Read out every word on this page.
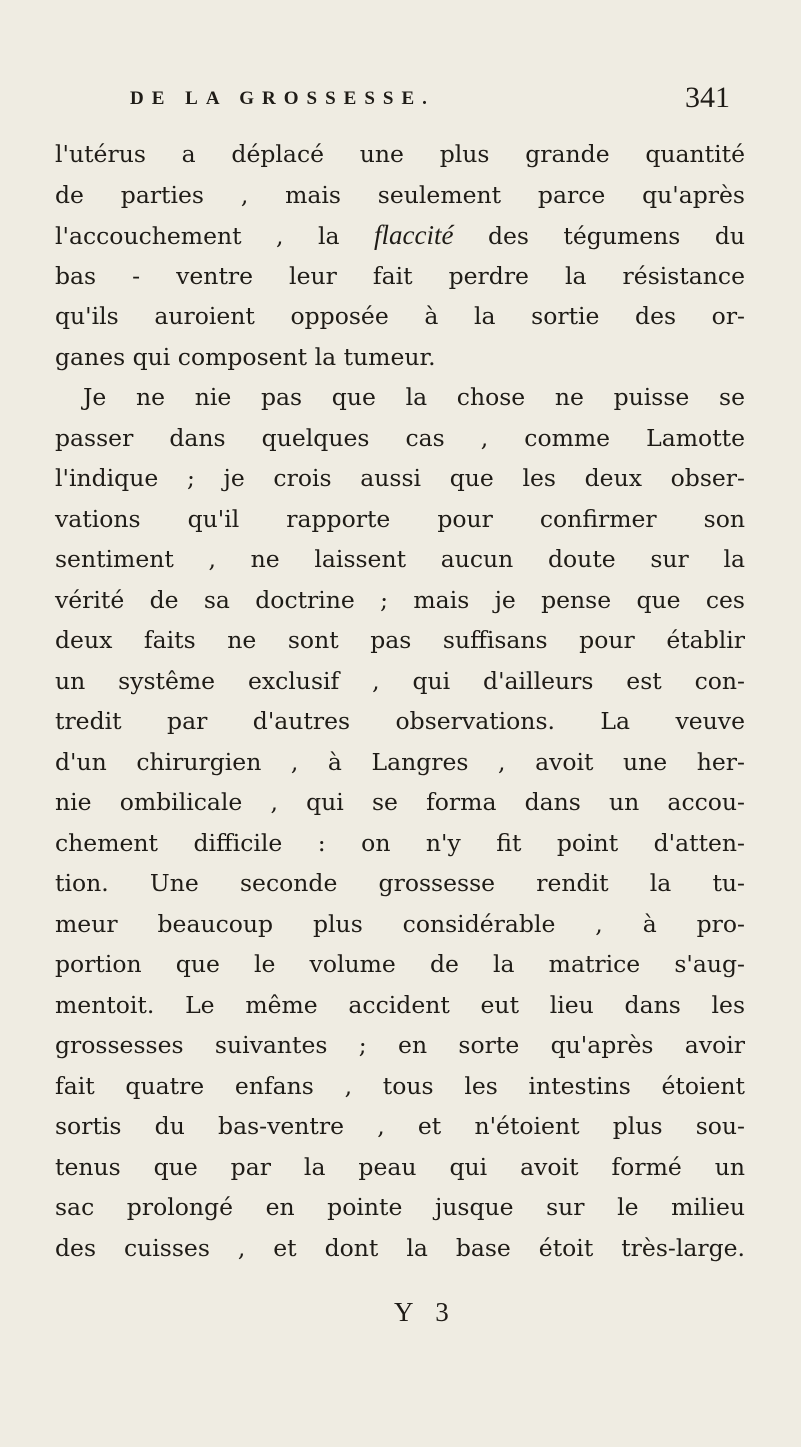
DE LA GROSSESSE.	341
l'utérus a déplacé une plus grande quantité
de parties , mais seulement parce qu'après
l'accouchement , la flaccité des tégumens du
bas - ventre leur fait perdre la résistance
qu'ils auroient opposée à la sortie des or-
ganes qui composent la tumeur.
Je ne nie pas que la chose ne puisse se
passer dans quelques cas , comme Lamotte
l'indique ; je crois aussi que les deux obser-
vations qu'il rapporte pour confirmer son
sentiment , ne laissent aucun doute sur la
vérité de sa doctrine ; mais je pense que ces
deux faits ne sont pas suffisans pour établir
un systême exclusif , qui d'ailleurs est con-
tredit par d'autres observations. La veuve
d'un chirurgien , à Langres , avoit une her-
nie ombilicale , qui se forma dans un accou-
chement difficile : on n'y fit point d'atten-
tion. Une seconde grossesse rendit la tu-
meur beaucoup plus considérable , à pro-
portion que le volume de la matrice s'aug-
mentoit. Le même accident eut lieu dans les
grossesses suivantes ; en sorte qu'après avoir
fait quatre enfans , tous les intestins étoient
sortis du bas-ventre , et n'étoient plus sou-
tenus que par la peau qui avoit formé un
sac prolongé en pointe jusque sur le milieu
des cuisses , et dont la base étoit très-large.
Y 3
